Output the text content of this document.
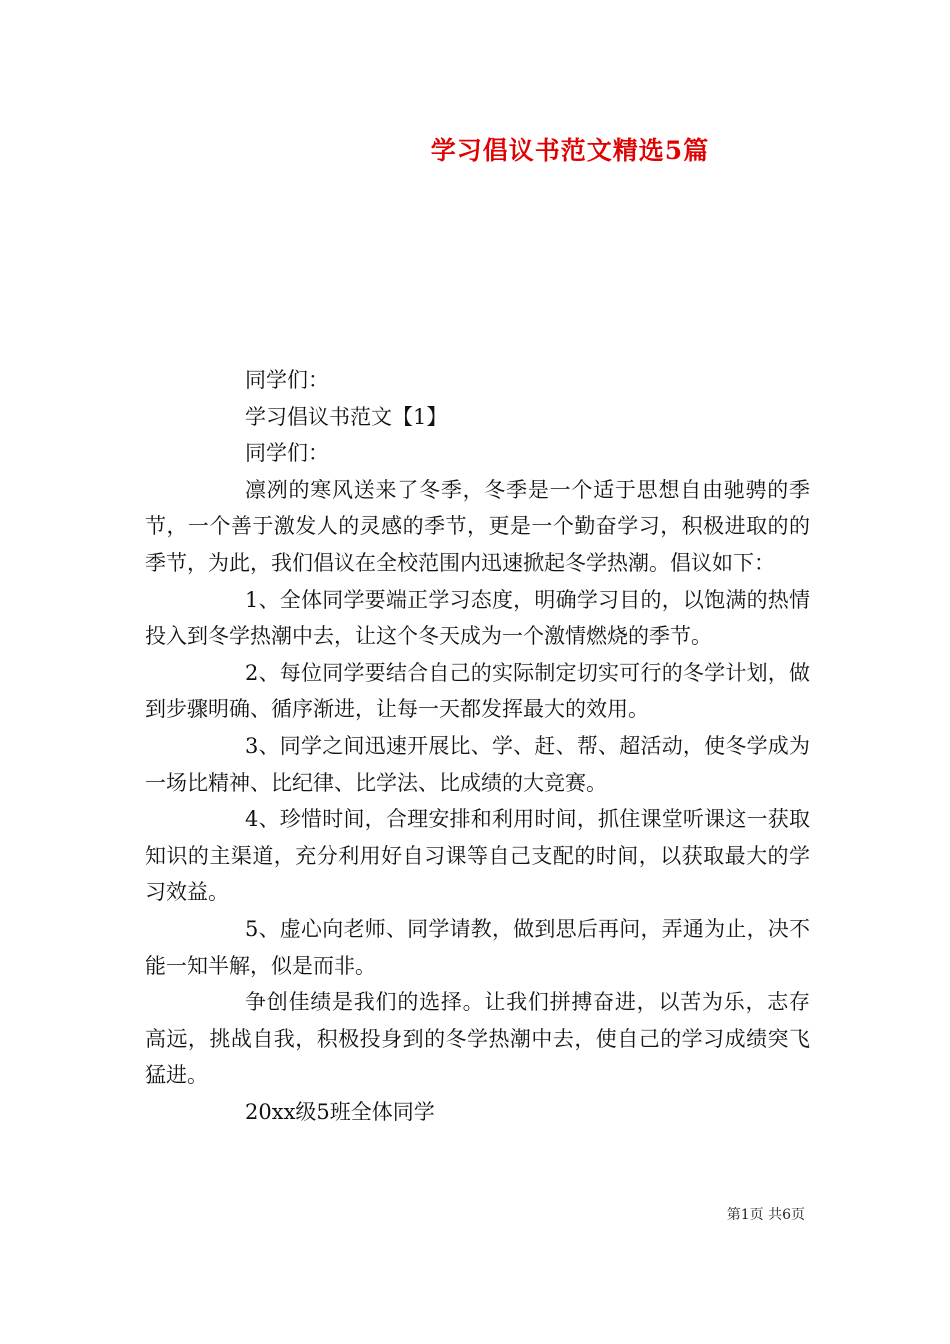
学习倡议书范文精选5篇

同学们：

学习倡议书范文【1】

同学们：

凛冽的寒风送来了冬季，冬季是一个适于思想自由驰骋的季节，一个善于激发人的灵感的季节，更是一个勤奋学习，积极进取的的季节，为此，我们倡议在全校范围内迅速掀起冬学热潮。倡议如下：

1、全体同学要端正学习态度，明确学习目的，以饱满的热情投入到冬学热潮中去，让这个冬天成为一个激情燃烧的季节。

2、每位同学要结合自己的实际制定切实可行的冬学计划，做到步骤明确、循序渐进，让每一天都发挥最大的效用。

3、同学之间迅速开展比、学、赶、帮、超活动，使冬学成为一场比精神、比纪律、比学法、比成绩的大竞赛。

4、珍惜时间，合理安排和利用时间，抓住课堂听课这一获取知识的主渠道，充分利用好自习课等自己支配的时间，以获取最大的学习效益。

5、虚心向老师、同学请教，做到思后再问，弄通为止，决不能一知半解，似是而非。

争创佳绩是我们的选择。让我们拼搏奋进，以苦为乐，志存高远，挑战自我，积极投身到的冬学热潮中去，使自己的学习成绩突飞猛进。

20xx级5班全体同学

第1页 共6页
